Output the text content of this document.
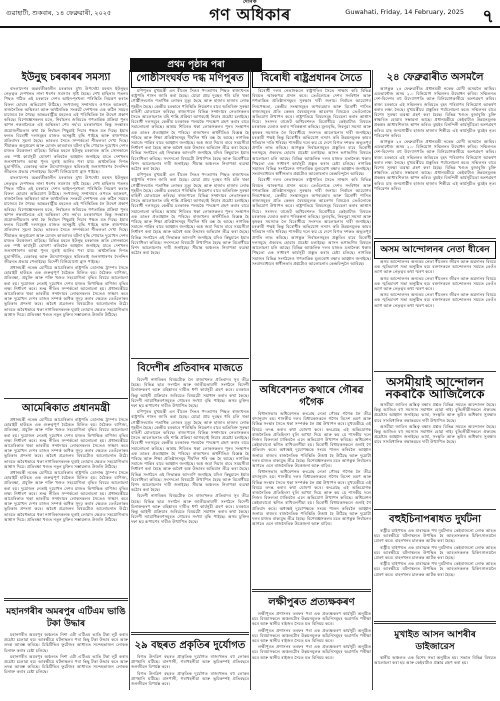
গুৱাহাটী, শুকবাৰ, ১৪ ফেব্ৰুৱাৰী, ২০২৫
দৈনিক
গণ অধিকাৰ	Guwahati, Friday, 14 February, 2025 ৭
প্ৰথম পৃষ্ঠাৰ পৰা
ইউনুছ চৰকাৰৰ সমস্যা

বাংলাদেশৰ অন্তৰ্বৰ্তীকালীন চৰকাৰৰ মুখ্য উপদেষ্টা মহম্মদ ইউনুছৰ নেতৃত্বত দেশখনত নানা ধৰণৰ সমস্যাৰ সৃষ্টি হৈছে। শেখ হাছিনাৰ পতনৰ পিছত গঠিত এই চৰকাৰে দেশৰ আইন-শৃংখলা পৰিস্থিতি নিয়ন্ত্ৰণ কৰাত বিফল হোৱাৰ অভিযোগ উঠিছে। সংখ্যালঘু সম্প্ৰদায়ৰ ওপৰত আক্ৰমণ, ৰাজনৈতিক অস্থিৰতা আৰু অৰ্থনৈতিক সংকটে দেশখনক এক কঠিন সময়ৰ মাজেৰে লৈ গৈছে। আন্তঃৰাষ্ট্ৰীয় মহলেও এই পৰিস্থিতিক লৈ উদ্বেগ প্ৰকাশ কৰিছে। বিশেষজ্ঞসকলৰ মতে, নিৰ্বাচনৰ জৰিয়তে গণতান্ত্ৰিক প্ৰক্ৰিয়া পুনৰ স্থাপন নকৰালৈকে এই অস্থিৰতা শেষ নহ'ব। চৰকাৰখনে কিন্তু সংস্কাৰৰ প্ৰয়োজনীয়তাৰ কথা কৈ নিৰ্বাচন পিছুৱাই দিয়াৰ পক্ষত মত দিছে। ইয়াৰ ফলত বিৰোধী দলসমূহৰ মাজত অসন্তুষ্টি বৃদ্ধি পাইছে আৰু ৰাজপথত প্ৰতিবাদৰ সূচনা হৈছে। ভাৰতৰ সৈতে সম্পৰ্কতো শীতলতা দেখা দিছে। সীমান্তত অনুপ্ৰৱেশ আৰু চোৰাং কাৰবাৰৰ ঘটনা বৃদ্ধি পোৱাত দুয়োখন দেশৰ মাজত উত্তেজনা বাঢ়িছে। বিভিন্ন মহলে ইউনুছ চৰকাৰক অতি সোনকালে এক স্পষ্ট কাৰ্যসূচী ঘোষণা কৰিবলৈ আহ্বান জনাইছে যাতে দেশখনৰ জনসাধাৰণৰ আস্থা পুনৰ ঘূৰাই আনিব পৰা যায়। অৰ্থনৈতিক দিশত মুদ্ৰাস্ফীতি, বেকাৰত্ব আৰু উদ্যোগসমূহৰ স্থবিৰতাই জনসাধাৰণৰ দৈনন্দিন জীৱনত প্ৰভাৱ পেলাইছে। বিদেশী বিনিয়োগো হ্ৰাস পাইছে।

বাংলাদেশৰ অন্তৰ্বৰ্তীকালীন চৰকাৰৰ মুখ্য উপদেষ্টা মহম্মদ ইউনুছৰ নেতৃত্বত দেশখনত নানা ধৰণৰ সমস্যাৰ সৃষ্টি হৈছে। শেখ হাছিনাৰ পতনৰ পিছত গঠিত এই চৰকাৰে দেশৰ আইন-শৃংখলা পৰিস্থিতি নিয়ন্ত্ৰণ কৰাত বিফল হোৱাৰ অভিযোগ উঠিছে। সংখ্যালঘু সম্প্ৰদায়ৰ ওপৰত আক্ৰমণ, ৰাজনৈতিক অস্থিৰতা আৰু অৰ্থনৈতিক সংকটে দেশখনক এক কঠিন সময়ৰ মাজেৰে লৈ গৈছে। আন্তঃৰাষ্ট্ৰীয় মহলেও এই পৰিস্থিতিক লৈ উদ্বেগ প্ৰকাশ কৰিছে। বিশেষজ্ঞসকলৰ মতে, নিৰ্বাচনৰ জৰিয়তে গণতান্ত্ৰিক প্ৰক্ৰিয়া পুনৰ স্থাপন নকৰালৈকে এই অস্থিৰতা শেষ নহ'ব। চৰকাৰখনে কিন্তু সংস্কাৰৰ প্ৰয়োজনীয়তাৰ কথা কৈ নিৰ্বাচন পিছুৱাই দিয়াৰ পক্ষত মত দিছে। ইয়াৰ ফলত বিৰোধী দলসমূহৰ মাজত অসন্তুষ্টি বৃদ্ধি পাইছে আৰু ৰাজপথত প্ৰতিবাদৰ সূচনা হৈছে। ভাৰতৰ সৈতে সম্পৰ্কতো শীতলতা দেখা দিছে। সীমান্তত অনুপ্ৰৱেশ আৰু চোৰাং কাৰবাৰৰ ঘটনা বৃদ্ধি পোৱাত দুয়োখন দেশৰ মাজত উত্তেজনা বাঢ়িছে। বিভিন্ন মহলে ইউনুছ চৰকাৰক অতি সোনকালে এক স্পষ্ট কাৰ্যসূচী ঘোষণা কৰিবলৈ আহ্বান জনাইছে যাতে দেশখনৰ জনসাধাৰণৰ আস্থা পুনৰ ঘূৰাই আনিব পৰা যায়। অৰ্থনৈতিক দিশত মুদ্ৰাস্ফীতি, বেকাৰত্ব আৰু উদ্যোগসমূহৰ স্থবিৰতাই জনসাধাৰণৰ দৈনন্দিন জীৱনত প্ৰভাৱ পেলাইছে। বিদেশী বিনিয়োগো হ্ৰাস পাইছে।

প্ৰধানমন্ত্ৰী নৰেন্দ্ৰ মোদীয়ে আমেৰিকাৰ ৰাষ্ট্ৰপতি ডোনাল্ড ট্ৰাম্পৰ সৈতে হোৱাইট হাউচত এক গুৰুত্বপূৰ্ণ বৈঠকত মিলিত হয়। বৈঠকত বাণিজ্য, প্ৰতিৰক্ষা, প্ৰযুক্তি আৰু শক্তি খণ্ডত সহযোগিতা বৃদ্ধিৰ বিষয়ে আলোচনা কৰা হয়। দুয়োজন নেতাই দুয়োখন দেশৰ মাজত দ্বিপাক্ষিক বাণিজ্য বৃদ্ধিৰ লক্ষ্য নিৰ্ধাৰণ কৰে। শুল্ক নীতিৰ সম্পৰ্কতো আলোচনা হয়। প্ৰধানমন্ত্ৰীয়ে আমেৰিকাত থকা ভাৰতীয় সম্প্ৰদায়ৰ লোকসকলৰ সৈতেও সাক্ষাৎ কৰে আৰু দুয়োখন দেশৰ মাজৰ সম্পৰ্ক অধিক সুদৃঢ় কৰাৰ ক্ষেত্ৰত তেওঁলোকৰ ভূমিকাৰ প্ৰশংসা কৰে। অবৈধ প্ৰব্ৰজনৰ বিষয়টোও আলোচনাত উঠে। ভাৰতে অবৈধভাৱে থকা নাগৰিকসকলক ঘূৰাই লোৱাৰ ক্ষেত্ৰত সহযোগিতাৰ আশ্বাস দিয়ে। প্ৰতিৰক্ষা খণ্ডত নতুন চুক্তিৰ সম্ভাৱনাও উজলি উঠিছে।

আমেৰিকাত প্ৰধানমন্ত্ৰী

প্ৰধানমন্ত্ৰী নৰেন্দ্ৰ মোদীয়ে আমেৰিকাৰ ৰাষ্ট্ৰপতি ডোনাল্ড ট্ৰাম্পৰ সৈতে হোৱাইট হাউচত এক গুৰুত্বপূৰ্ণ বৈঠকত মিলিত হয়। বৈঠকত বাণিজ্য, প্ৰতিৰক্ষা, প্ৰযুক্তি আৰু শক্তি খণ্ডত সহযোগিতা বৃদ্ধিৰ বিষয়ে আলোচনা কৰা হয়। দুয়োজন নেতাই দুয়োখন দেশৰ মাজত দ্বিপাক্ষিক বাণিজ্য বৃদ্ধিৰ লক্ষ্য নিৰ্ধাৰণ কৰে। শুল্ক নীতিৰ সম্পৰ্কতো আলোচনা হয়। প্ৰধানমন্ত্ৰীয়ে আমেৰিকাত থকা ভাৰতীয় সম্প্ৰদায়ৰ লোকসকলৰ সৈতেও সাক্ষাৎ কৰে আৰু দুয়োখন দেশৰ মাজৰ সম্পৰ্ক অধিক সুদৃঢ় কৰাৰ ক্ষেত্ৰত তেওঁলোকৰ ভূমিকাৰ প্ৰশংসা কৰে। অবৈধ প্ৰব্ৰজনৰ বিষয়টোও আলোচনাত উঠে। ভাৰতে অবৈধভাৱে থকা নাগৰিকসকলক ঘূৰাই লোৱাৰ ক্ষেত্ৰত সহযোগিতাৰ আশ্বাস দিয়ে। প্ৰতিৰক্ষা খণ্ডত নতুন চুক্তিৰ সম্ভাৱনাও উজলি উঠিছে।

প্ৰধানমন্ত্ৰী নৰেন্দ্ৰ মোদীয়ে আমেৰিকাৰ ৰাষ্ট্ৰপতি ডোনাল্ড ট্ৰাম্পৰ সৈতে হোৱাইট হাউচত এক গুৰুত্বপূৰ্ণ বৈঠকত মিলিত হয়। বৈঠকত বাণিজ্য, প্ৰতিৰক্ষা, প্ৰযুক্তি আৰু শক্তি খণ্ডত সহযোগিতা বৃদ্ধিৰ বিষয়ে আলোচনা কৰা হয়। দুয়োজন নেতাই দুয়োখন দেশৰ মাজত দ্বিপাক্ষিক বাণিজ্য বৃদ্ধিৰ লক্ষ্য নিৰ্ধাৰণ কৰে। শুল্ক নীতিৰ সম্পৰ্কতো আলোচনা হয়। প্ৰধানমন্ত্ৰীয়ে আমেৰিকাত থকা ভাৰতীয় সম্প্ৰদায়ৰ লোকসকলৰ সৈতেও সাক্ষাৎ কৰে আৰু দুয়োখন দেশৰ মাজৰ সম্পৰ্ক অধিক সুদৃঢ় কৰাৰ ক্ষেত্ৰত তেওঁলোকৰ ভূমিকাৰ প্ৰশংসা কৰে। অবৈধ প্ৰব্ৰজনৰ বিষয়টোও আলোচনাত উঠে। ভাৰতে অবৈধভাৱে থকা নাগৰিকসকলক ঘূৰাই লোৱাৰ ক্ষেত্ৰত সহযোগিতাৰ আশ্বাস দিয়ে। প্ৰতিৰক্ষা খণ্ডত নতুন চুক্তিৰ সম্ভাৱনাও উজলি উঠিছে।

মহানগৰীৰ অমৰপুৰ এটিএম ভাঙি টকা উদ্ধাৰ

মহানগৰীৰ অমৰপুৰ অঞ্চলত নিশা এটা এটিএম ভাঙি টকা লুট কৰাৰ প্ৰচেষ্টা চলোৱা হয়। আৰক্ষীয়ে ঘটনাস্থলৰ পৰা কিছু টকা উদ্ধাৰ কৰে আৰু তদন্ত আৰম্ভ কৰিছে। চিচিটিভিৰ ফুটেজৰ আধাৰত সন্দেহভাজন লোকক চিনাক্ত কৰাৰ চেষ্টা চলিছে।

মহানগৰীৰ অমৰপুৰ অঞ্চলত নিশা এটা এটিএম ভাঙি টকা লুট কৰাৰ প্ৰচেষ্টা চলোৱা হয়। আৰক্ষীয়ে ঘটনাস্থলৰ পৰা কিছু টকা উদ্ধাৰ কৰে আৰু তদন্ত আৰম্ভ কৰিছে। চিচিটিভিৰ ফুটেজৰ আধাৰত সন্দেহভাজন লোকক চিনাক্ত কৰাৰ চেষ্টা চলিছে।

গোষ্ঠীসংঘৰ্ষত দগ্ধ মণিপুৰত

মণিপুৰত মুখ্যমন্ত্ৰী এন বীৰেন সিঙৰ পদত্যাগৰ পিছত ৰাজ্যখনত ৰাষ্ট্ৰপতি শাসন জাৰি কৰা হৈছে। যোৱা প্ৰায় দুবছৰ ধৰি চলি থকা গোষ্ঠীসংঘৰ্ষত শতাধিক লোকৰ মৃত্যু হৈছে আৰু হাজাৰ হাজাৰ লোক গৃহহীন হৈছে। কেন্দ্ৰীয় চৰকাৰে পৰিস্থিতি নিয়ন্ত্ৰণৰ বাবে অতিৰিক্ত সুৰক্ষা বাহিনী মোতায়েন কৰিছে। ৰাজ্যপালে বিভিন্ন সম্প্ৰদায়ৰ নেতাসকলৰ সৈতে আলোচনাত বহি শান্তি প্ৰক্ৰিয়া আগবঢ়াই নিয়াৰ প্ৰচেষ্টা চলাইছে। বিৰোধী দলসমূহে কেন্দ্ৰীয় চৰকাৰক পলমকৈ পদক্ষেপ গ্ৰহণ কৰাৰ বাবে সমালোচনা কৰিছে। আশ্ৰয় শিবিৰত থকা লোকসকলৰ পুনৰ সংস্থাপন এক ডাঙৰ প্ৰত্যাহ্বান হৈ পৰিছে। ৰাজ্যখনৰ অৰ্থনীতিও বিধ্বস্ত হৈ পৰিছে আৰু শিক্ষা প্ৰতিষ্ঠানসমূহ দীৰ্ঘদিন ধৰি বন্ধ হৈ আছে। নাগৰিক সমাজে শান্তিৰ বাবে আহ্বান জনাইছে। অস্ত্ৰ জমা দিয়াৰ বাবে সময়সীমা নিৰ্ধাৰণ কৰা হৈছে আৰু অবৈধ অস্ত্ৰ উদ্ধাৰৰ অভিযান তীব্ৰ কৰা হৈছে। বিভিন্ন সংগঠনে এই সিদ্ধান্তক আদৰণি জনাইছে যদিও কিছুমানে ইয়াৰ বিৰোধিতা কৰিছে। সংসদতো বিষয়টো উত্থাপিত হৈছে আৰু বিৰোধীয়ে বিশদ আলোচনাৰ দাবী জনাইছে। সীমান্ত অঞ্চলত নিৰাপত্তা ব্যৱস্থা কঠোৰ কৰা হৈছে।

মণিপুৰত মুখ্যমন্ত্ৰী এন বীৰেন সিঙৰ পদত্যাগৰ পিছত ৰাজ্যখনত ৰাষ্ট্ৰপতি শাসন জাৰি কৰা হৈছে। যোৱা প্ৰায় দুবছৰ ধৰি চলি থকা গোষ্ঠীসংঘৰ্ষত শতাধিক লোকৰ মৃত্যু হৈছে আৰু হাজাৰ হাজাৰ লোক গৃহহীন হৈছে। কেন্দ্ৰীয় চৰকাৰে পৰিস্থিতি নিয়ন্ত্ৰণৰ বাবে অতিৰিক্ত সুৰক্ষা বাহিনী মোতায়েন কৰিছে। ৰাজ্যপালে বিভিন্ন সম্প্ৰদায়ৰ নেতাসকলৰ সৈতে আলোচনাত বহি শান্তি প্ৰক্ৰিয়া আগবঢ়াই নিয়াৰ প্ৰচেষ্টা চলাইছে। বিৰোধী দলসমূহে কেন্দ্ৰীয় চৰকাৰক পলমকৈ পদক্ষেপ গ্ৰহণ কৰাৰ বাবে সমালোচনা কৰিছে। আশ্ৰয় শিবিৰত থকা লোকসকলৰ পুনৰ সংস্থাপন এক ডাঙৰ প্ৰত্যাহ্বান হৈ পৰিছে। ৰাজ্যখনৰ অৰ্থনীতিও বিধ্বস্ত হৈ পৰিছে আৰু শিক্ষা প্ৰতিষ্ঠানসমূহ দীৰ্ঘদিন ধৰি বন্ধ হৈ আছে। নাগৰিক সমাজে শান্তিৰ বাবে আহ্বান জনাইছে। অস্ত্ৰ জমা দিয়াৰ বাবে সময়সীমা নিৰ্ধাৰণ কৰা হৈছে আৰু অবৈধ অস্ত্ৰ উদ্ধাৰৰ অভিযান তীব্ৰ কৰা হৈছে। বিভিন্ন সংগঠনে এই সিদ্ধান্তক আদৰণি জনাইছে যদিও কিছুমানে ইয়াৰ বিৰোধিতা কৰিছে। সংসদতো বিষয়টো উত্থাপিত হৈছে আৰু বিৰোধীয়ে বিশদ আলোচনাৰ দাবী জনাইছে। সীমান্ত অঞ্চলত নিৰাপত্তা ব্যৱস্থা কঠোৰ কৰা হৈছে।

বিদেশীৰ প্ৰতিবাদৰ মাজতে

বিদেশী নাগৰিকৰ বিষয়টোক লৈ ৰাজ্যখনত প্ৰতিবাদৰ সুৰ তীব্ৰ হৈছে। বিভিন্ন ছাত্ৰ সংগঠন আৰু জাতীয়তাবাদী সংগঠনে বিদেশী চিনাক্তকৰণ আৰু বহিষ্কাৰৰ দাবীত ধৰ্ণা কাৰ্যসূচী গ্ৰহণ কৰে। চৰকাৰে কিন্তু আইনী প্ৰক্ৰিয়াৰ জৰিয়তে বিষয়টো সমাধান কৰাৰ কথা কৈছে। বিদেশী ন্যায়াধিকৰণসমূহত গোচৰৰ সংখ্যা বৃদ্ধি পাইছে। অসম চুক্তিৰ দফা ছয় ৰূপায়ণৰ দাবীও উত্থাপিত হৈছে।

মণিপুৰত মুখ্যমন্ত্ৰী এন বীৰেন সিঙৰ পদত্যাগৰ পিছত ৰাজ্যখনত ৰাষ্ট্ৰপতি শাসন জাৰি কৰা হৈছে। যোৱা প্ৰায় দুবছৰ ধৰি চলি থকা গোষ্ঠীসংঘৰ্ষত শতাধিক লোকৰ মৃত্যু হৈছে আৰু হাজাৰ হাজাৰ লোক গৃহহীন হৈছে। কেন্দ্ৰীয় চৰকাৰে পৰিস্থিতি নিয়ন্ত্ৰণৰ বাবে অতিৰিক্ত সুৰক্ষা বাহিনী মোতায়েন কৰিছে। ৰাজ্যপালে বিভিন্ন সম্প্ৰদায়ৰ নেতাসকলৰ সৈতে আলোচনাত বহি শান্তি প্ৰক্ৰিয়া আগবঢ়াই নিয়াৰ প্ৰচেষ্টা চলাইছে। বিৰোধী দলসমূহে কেন্দ্ৰীয় চৰকাৰক পলমকৈ পদক্ষেপ গ্ৰহণ কৰাৰ বাবে সমালোচনা কৰিছে। আশ্ৰয় শিবিৰত থকা লোকসকলৰ পুনৰ সংস্থাপন এক ডাঙৰ প্ৰত্যাহ্বান হৈ পৰিছে। ৰাজ্যখনৰ অৰ্থনীতিও বিধ্বস্ত হৈ পৰিছে আৰু শিক্ষা প্ৰতিষ্ঠানসমূহ দীৰ্ঘদিন ধৰি বন্ধ হৈ আছে। নাগৰিক সমাজে শান্তিৰ বাবে আহ্বান জনাইছে। অস্ত্ৰ জমা দিয়াৰ বাবে সময়সীমা নিৰ্ধাৰণ কৰা হৈছে আৰু অবৈধ অস্ত্ৰ উদ্ধাৰৰ অভিযান তীব্ৰ কৰা হৈছে। বিভিন্ন সংগঠনে এই সিদ্ধান্তক আদৰণি জনাইছে যদিও কিছুমানে ইয়াৰ বিৰোধিতা কৰিছে। সংসদতো বিষয়টো উত্থাপিত হৈছে আৰু বিৰোধীয়ে বিশদ আলোচনাৰ দাবী জনাইছে। সীমান্ত অঞ্চলত নিৰাপত্তা ব্যৱস্থা কঠোৰ কৰা হৈছে।

বিদেশী নাগৰিকৰ বিষয়টোক লৈ ৰাজ্যখনত প্ৰতিবাদৰ সুৰ তীব্ৰ হৈছে। বিভিন্ন ছাত্ৰ সংগঠন আৰু জাতীয়তাবাদী সংগঠনে বিদেশী চিনাক্তকৰণ আৰু বহিষ্কাৰৰ দাবীত ধৰ্ণা কাৰ্যসূচী গ্ৰহণ কৰে। চৰকাৰে কিন্তু আইনী প্ৰক্ৰিয়াৰ জৰিয়তে বিষয়টো সমাধান কৰাৰ কথা কৈছে। বিদেশী ন্যায়াধিকৰণসমূহত গোচৰৰ সংখ্যা বৃদ্ধি পাইছে। অসম চুক্তিৰ দফা ছয় ৰূপায়ণৰ দাবীও উত্থাপিত হৈছে।

২৯ বছৰত প্ৰকৃতিৰ দুৰ্যোগত

বিগত উনত্ৰিশ বছৰত প্ৰাকৃতিক দুৰ্যোগত ৰাজ্যখনত বহু লোকৰ প্ৰাণহানি ঘটিছে। বানপানী, গৰাখহনীয়া আৰু ভূমিকম্পই প্ৰতিবছৰে জনজীৱন বিপৰ্যস্ত কৰে।

বিগত উনত্ৰিশ বছৰত প্ৰাকৃতিক দুৰ্যোগত ৰাজ্যখনত বহু লোকৰ প্ৰাণহানি ঘটিছে। বানপানী, গৰাখহনীয়া আৰু ভূমিকম্পই প্ৰতিবছৰে জনজীৱন বিপৰ্যস্ত কৰে।

বিৰোধী ৰাষ্ট্ৰপ্ৰধানৰ সৈতে

বিৰোধী দলৰ নেতাসকলে ৰাষ্ট্ৰপতিৰ সৈতে সাক্ষাৎ কৰি বিভিন্ন বিষয়ত স্মাৰকপত্ৰ প্ৰদান কৰে। তেওঁলোকে দেশৰ সংবিধান আৰু গণতান্ত্ৰিক প্ৰতিষ্ঠানসমূহৰ সুৰক্ষাৰ দাবী জনায়। নিৰ্বাচন আয়োগৰ নিৰপেক্ষতা, কেন্দ্ৰীয় সংস্থাসমূহৰ অপব্যৱহাৰ আৰু বিৰোধী শাসিত ৰাজ্যসমূহৰ প্ৰতি কেন্দ্ৰৰ বৈষম্যমূলক আচৰণৰ বিষয়েও তেওঁলোকে অভিযোগ উত্থাপন কৰে। ৰাষ্ট্ৰপতিয়ে বিষয়সমূহ বিবেচনা কৰাৰ আশ্বাস দিয়ে। সংসদৰ বাজেট অধিবেশনত বিৰোধীয়ে কেইবাটাও বিষয়ত চৰকাৰক ঘেৰাও কৰাৰ পৰিকল্পনা কৰিছে। মূল্যবৃদ্ধি, নিবনুৱা সমস্যা আৰু কৃষকৰ সমস্যাক লৈ বিৰোধীয়ে সংসদত আলোচনাৰ দাবী জনাইছে। চৰকাৰী পক্ষই কিন্তু বিৰোধীৰ অভিযোগ নস্যাৎ কৰি উন্নয়নমূলক কামৰ খতিয়ান দাঙি ধৰিছে। শাসকীয় দলে কয় যে দেশে বিগত দশকত অভূতপূৰ্ব প্ৰগতি লাভ কৰিছে। আগন্তুক নিৰ্বাচনসমূহৰ প্ৰস্তুতিৰ বাবে বিৰোধী দলসমূহে ঐক্যবদ্ধ হোৱাৰ প্ৰচেষ্টা চলাইছে। আসন ভগাভগিৰ বিষয়ত আলোচনা চলি আছে। বিভিন্ন আঞ্চলিক দলৰ মাজত মতানৈক্য থকাৰ পিছতো এক সাধাৰণ কাৰ্যসূচী প্ৰস্তুত কৰাৰ চেষ্টা চলিছে। নাগৰিক সমাজৰ বিভিন্ন সংগঠনেও গণতান্ত্ৰিক মূল্যবোধ ৰক্ষাৰ আহ্বান জনাইছে। সংবাদমাধ্যমৰ স্বাধীনতাৰ প্ৰশ্নটোও আলোচনাৰ কেন্দ্ৰবিন্দুলৈ আহিছে।

বিৰোধী দলৰ নেতাসকলে ৰাষ্ট্ৰপতিৰ সৈতে সাক্ষাৎ কৰি বিভিন্ন বিষয়ত স্মাৰকপত্ৰ প্ৰদান কৰে। তেওঁলোকে দেশৰ সংবিধান আৰু গণতান্ত্ৰিক প্ৰতিষ্ঠানসমূহৰ সুৰক্ষাৰ দাবী জনায়। নিৰ্বাচন আয়োগৰ নিৰপেক্ষতা, কেন্দ্ৰীয় সংস্থাসমূহৰ অপব্যৱহাৰ আৰু বিৰোধী শাসিত ৰাজ্যসমূহৰ প্ৰতি কেন্দ্ৰৰ বৈষম্যমূলক আচৰণৰ বিষয়েও তেওঁলোকে অভিযোগ উত্থাপন কৰে। ৰাষ্ট্ৰপতিয়ে বিষয়সমূহ বিবেচনা কৰাৰ আশ্বাস দিয়ে। সংসদৰ বাজেট অধিবেশনত বিৰোধীয়ে কেইবাটাও বিষয়ত চৰকাৰক ঘেৰাও কৰাৰ পৰিকল্পনা কৰিছে। মূল্যবৃদ্ধি, নিবনুৱা সমস্যা আৰু কৃষকৰ সমস্যাক লৈ বিৰোধীয়ে সংসদত আলোচনাৰ দাবী জনাইছে। চৰকাৰী পক্ষই কিন্তু বিৰোধীৰ অভিযোগ নস্যাৎ কৰি উন্নয়নমূলক কামৰ খতিয়ান দাঙি ধৰিছে। শাসকীয় দলে কয় যে দেশে বিগত দশকত অভূতপূৰ্ব প্ৰগতি লাভ কৰিছে। আগন্তুক নিৰ্বাচনসমূহৰ প্ৰস্তুতিৰ বাবে বিৰোধী দলসমূহে ঐক্যবদ্ধ হোৱাৰ প্ৰচেষ্টা চলাইছে। আসন ভগাভগিৰ বিষয়ত আলোচনা চলি আছে। বিভিন্ন আঞ্চলিক দলৰ মাজত মতানৈক্য থকাৰ পিছতো এক সাধাৰণ কাৰ্যসূচী প্ৰস্তুত কৰাৰ চেষ্টা চলিছে। নাগৰিক সমাজৰ বিভিন্ন সংগঠনেও গণতান্ত্ৰিক মূল্যবোধ ৰক্ষাৰ আহ্বান জনাইছে। সংবাদমাধ্যমৰ স্বাধীনতাৰ প্ৰশ্নটোও আলোচনাৰ কেন্দ্ৰবিন্দুলৈ আহিছে।

অধিবেশনত কথাৰে গৌৰৱ গগৈক

বিধানসভাৰ অধিবেশনত কংগ্ৰেছ নেতা গৌৰৱ গগৈক লৈ তীব্ৰ বাদানুবাদ হয়। শাসকীয় দলৰ বিধায়কসকলে গগৈৰ বিদেশ ভ্ৰমণ আৰু বিভিন্ন সংস্থাৰ সৈতে থকা সম্পৰ্কক লৈ প্ৰশ্ন উত্থাপন কৰে। মুখ্যমন্ত্ৰীয়ে এই বিষয়ে তদন্ত কৰাৰ কথা ঘোষণা কৰে। কংগ্ৰেছে এই অভিযোগক ৰাজনৈতিক প্ৰতিহিংসা বুলি আখ্যা দিয়ে আৰু কয় যে শাসকীয় দলে নিজৰ বিফলতা ঢাকিবলৈ এনে অভিযোগ উত্থাপন কৰিছে। অধিবেশন কেইবাবাৰো স্থগিত ৰাখিবলগীয়া হয়। বিৰোধী বিধায়কসকলে ওলাই গৈ প্ৰতিবাদ কৰে। অধ্যক্ষই দুয়োপক্ষকে সংযম পালন কৰিবলৈ আহ্বান জনায়। ৰাজ্যৰ ৰাজনৈতিক পৰিস্থিতি উত্তপ্ত হৈ উঠিছে আৰু দুয়োটা দলৰ মাজত বাক্যযুদ্ধ তীব্ৰ হৈছে। বিশেষজ্ঞসকলৰ মতে আগন্তুক নিৰ্বাচনৰ আগতে এনে ৰাজনৈতিক উত্তেজনা আৰু বাঢ়িব।

বিধানসভাৰ অধিবেশনত কংগ্ৰেছ নেতা গৌৰৱ গগৈক লৈ তীব্ৰ বাদানুবাদ হয়। শাসকীয় দলৰ বিধায়কসকলে গগৈৰ বিদেশ ভ্ৰমণ আৰু বিভিন্ন সংস্থাৰ সৈতে থকা সম্পৰ্কক লৈ প্ৰশ্ন উত্থাপন কৰে। মুখ্যমন্ত্ৰীয়ে এই বিষয়ে তদন্ত কৰাৰ কথা ঘোষণা কৰে। কংগ্ৰেছে এই অভিযোগক ৰাজনৈতিক প্ৰতিহিংসা বুলি আখ্যা দিয়ে আৰু কয় যে শাসকীয় দলে নিজৰ বিফলতা ঢাকিবলৈ এনে অভিযোগ উত্থাপন কৰিছে। অধিবেশন কেইবাবাৰো স্থগিত ৰাখিবলগীয়া হয়। বিৰোধী বিধায়কসকলে ওলাই গৈ প্ৰতিবাদ কৰে। অধ্যক্ষই দুয়োপক্ষকে সংযম পালন কৰিবলৈ আহ্বান জনায়। ৰাজ্যৰ ৰাজনৈতিক পৰিস্থিতি উত্তপ্ত হৈ উঠিছে আৰু দুয়োটা দলৰ মাজত বাক্যযুদ্ধ তীব্ৰ হৈছে। বিশেষজ্ঞসকলৰ মতে আগন্তুক নিৰ্বাচনৰ আগতে এনে ৰাজনৈতিক উত্তেজনা আৰু বাঢ়িব।

লক্ষীপুৰত প্ৰত্যক্ষকৰণ

লক্ষীপুৰত প্ৰশাসনৰ তৰফৰ পৰা এক প্ৰত্যক্ষকৰণ কাৰ্যসূচী অনুষ্ঠিত হয়। বিষয়াসকলে অঞ্চলটোৰ উন্নয়নমূলক আঁচনিসমূহৰ অগ্ৰগতি পৰীক্ষা কৰে আৰু স্থানীয় ৰাইজৰ সৈতে মত বিনিময় কৰে।

লক্ষীপুৰত প্ৰশাসনৰ তৰফৰ পৰা এক প্ৰত্যক্ষকৰণ কাৰ্যসূচী অনুষ্ঠিত হয়। বিষয়াসকলে অঞ্চলটোৰ উন্নয়নমূলক আঁচনিসমূহৰ অগ্ৰগতি পৰীক্ষা কৰে আৰু স্থানীয় ৰাইজৰ সৈতে মত বিনিময় কৰে।

লক্ষীপুৰত প্ৰশাসনৰ তৰফৰ পৰা এক প্ৰত্যক্ষকৰণ কাৰ্যসূচী অনুষ্ঠিত হয়। বিষয়াসকলে অঞ্চলটোৰ উন্নয়নমূলক আঁচনিসমূহৰ অগ্ৰগতি পৰীক্ষা কৰে আৰু স্থানীয় ৰাইজৰ সৈতে মত বিনিময় কৰে।

২৪ ফেব্ৰুৱাৰীত অসমলৈ

আগন্তুক ২৪ ফেব্ৰুৱাৰীত প্ৰধানমন্ত্ৰী নৰেন্দ্ৰ মোদী অসমলৈ আহিব। এডভান্টেজ অসম ২.০ বিনিয়োগ সন্মিলনৰ উদ্বোধন কৰিব। সন্মিলনত দেশ-বিদেশৰ বহু উদ্যোগপতি আৰু বিনিয়োগকাৰীয়ে অংশগ্ৰহণ কৰিব। ৰাজ্য চৰকাৰে এই সন্মিলনৰ জৰিয়তে বৃহৎ পৰিমাণৰ বিনিয়োগ আকৰ্ষণ কৰাৰ লক্ষ্য লৈছে। মুখ্যমন্ত্ৰীয়ে প্ৰস্তুতিৰ পৰ্যালোচনা কৰে। সন্মিলনৰ বাবে বিশেষ সুৰক্ষা ব্যৱস্থা গ্ৰহণ কৰা হৈছে। বিভিন্ন খণ্ডত বুজাবুজি চুক্তি স্বাক্ষৰিত হোৱাৰ সম্ভাৱনা আছে। প্ৰধানমন্ত্ৰীয়ে কেইবাটাও উন্নয়নমূলক প্ৰকল্পৰ আধাৰশিলাও স্থাপন কৰিব। ঝুমইৰ বিনন্দিনী কাৰ্যসূচীতো অংশগ্ৰহণ কৰিব। চাহ জনগোষ্ঠীৰ হাজাৰ হাজাৰ শিল্পীয়ে এই কাৰ্যসূচীত ঝুমইৰ নৃত্য পৰিৱেশন কৰিব।

আগন্তুক ২৪ ফেব্ৰুৱাৰীত প্ৰধানমন্ত্ৰী নৰেন্দ্ৰ মোদী অসমলৈ আহিব। এডভান্টেজ অসম ২.০ বিনিয়োগ সন্মিলনৰ উদ্বোধন কৰিব। সন্মিলনত দেশ-বিদেশৰ বহু উদ্যোগপতি আৰু বিনিয়োগকাৰীয়ে অংশগ্ৰহণ কৰিব। ৰাজ্য চৰকাৰে এই সন্মিলনৰ জৰিয়তে বৃহৎ পৰিমাণৰ বিনিয়োগ আকৰ্ষণ কৰাৰ লক্ষ্য লৈছে। মুখ্যমন্ত্ৰীয়ে প্ৰস্তুতিৰ পৰ্যালোচনা কৰে। সন্মিলনৰ বাবে বিশেষ সুৰক্ষা ব্যৱস্থা গ্ৰহণ কৰা হৈছে। বিভিন্ন খণ্ডত বুজাবুজি চুক্তি স্বাক্ষৰিত হোৱাৰ সম্ভাৱনা আছে। প্ৰধানমন্ত্ৰীয়ে কেইবাটাও উন্নয়নমূলক প্ৰকল্পৰ আধাৰশিলাও স্থাপন কৰিব। ঝুমইৰ বিনন্দিনী কাৰ্যসূচীতো অংশগ্ৰহণ কৰিব। চাহ জনগোষ্ঠীৰ হাজাৰ হাজাৰ শিল্পীয়ে এই কাৰ্যসূচীত ঝুমইৰ নৃত্য পৰিৱেশন কৰিব।

অসম আন্দোলনৰ নেতা ধীৰেন

অসম আন্দোলনৰ অন্যতম নেতা ধীৰেনৰ জীৱন আৰু অৱদানৰ বিষয়ে এক স্মৃতিচাৰণ সভা অনুষ্ঠিত হয়। বক্তাসকলে আন্দোলনৰ সময়ত তেওঁৰ ত্যাগ আৰু নেতৃত্বৰ কথা স্মৰণ কৰে।

অসম আন্দোলনৰ অন্যতম নেতা ধীৰেনৰ জীৱন আৰু অৱদানৰ বিষয়ে এক স্মৃতিচাৰণ সভা অনুষ্ঠিত হয়। বক্তাসকলে আন্দোলনৰ সময়ত তেওঁৰ ত্যাগ আৰু নেতৃত্বৰ কথা স্মৰণ কৰে।

অসম আন্দোলনৰ অন্যতম নেতা ধীৰেনৰ জীৱন আৰু অৱদানৰ বিষয়ে এক স্মৃতিচাৰণ সভা অনুষ্ঠিত হয়। বক্তাসকলে আন্দোলনৰ সময়ত তেওঁৰ ত্যাগ আৰু নেতৃত্বৰ কথা স্মৰণ কৰে।

অসমীয়াই আন্দোলন নকৰাকৈ আজিলৈকে

অসমীয়া জাতিৰ অস্তিত্ব ৰক্ষাৰ প্ৰশ্নত বিভিন্ন সময়ত আন্দোলন হৈছে। কিন্তু আজিও বহু সমস্যাৰ সমাধান হোৱা নাই। বুদ্ধিজীৱীসকলে ঐক্যবদ্ধ প্ৰচেষ্টাৰ আহ্বান জনাইছে। ভাষা, সংস্কৃতি আৰু ভূমিৰ অধিকাৰ সুৰক্ষাৰ বাবে সাংবিধানিক ৰক্ষাকৱচৰ দাবী উত্থাপিত হৈছে।

অসমীয়া জাতিৰ অস্তিত্ব ৰক্ষাৰ প্ৰশ্নত বিভিন্ন সময়ত আন্দোলন হৈছে। কিন্তু আজিও বহু সমস্যাৰ সমাধান হোৱা নাই। বুদ্ধিজীৱীসকলে ঐক্যবদ্ধ প্ৰচেষ্টাৰ আহ্বান জনাইছে। ভাষা, সংস্কৃতি আৰু ভূমিৰ অধিকাৰ সুৰক্ষাৰ বাবে সাংবিধানিক ৰক্ষাকৱচৰ দাবী উত্থাপিত হৈছে।

বহুইচিনাপৰাধত দুৰ্ঘটনা

ৰাষ্ট্ৰীয় ঘাইপথত এক মাৰাত্মক পথ দুৰ্ঘটনাত কেইবাজনো লোক আহত হয়। আৰক্ষীয়ে ঘটনাস্থলত উপস্থিত হৈ আহতসকলক চিকিৎসালয়লৈ প্ৰেৰণ কৰে। বাহনখনৰ চালকক আটক কৰা হৈছে।

ৰাষ্ট্ৰীয় ঘাইপথত এক মাৰাত্মক পথ দুৰ্ঘটনাত কেইবাজনো লোক আহত হয়। আৰক্ষীয়ে ঘটনাস্থলত উপস্থিত হৈ আহতসকলক চিকিৎসালয়লৈ প্ৰেৰণ কৰে। বাহনখনৰ চালকক আটক কৰা হৈছে।

ৰাষ্ট্ৰীয় ঘাইপথত এক মাৰাত্মক পথ দুৰ্ঘটনাত কেইবাজনো লোক আহত হয়। আৰক্ষীয়ে ঘটনাস্থলত উপস্থিত হৈ আহতসকলক চিকিৎসালয়লৈ প্ৰেৰণ কৰে। বাহনখনৰ চালকক আটক কৰা হৈছে।

মুখাইত আসন আশৰীৰ ডাইজারেস

স্থানীয় অঞ্চলত এক বিশেষ সভা অনুষ্ঠিত হয়। সভাত বিভিন্ন বিষয়ত আলোচনা কৰা হয় আৰু কেইবাটাও প্ৰস্তাৱ গ্ৰহণ কৰা হয়।
